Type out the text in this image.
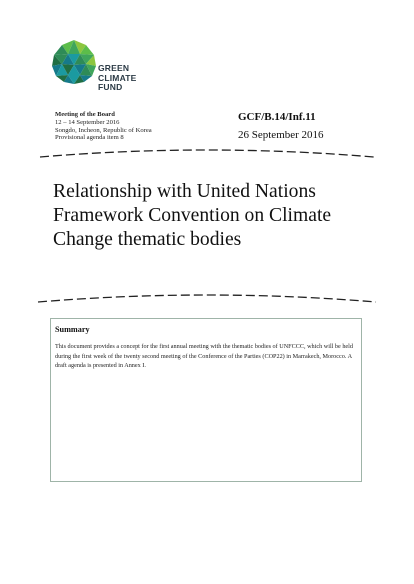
GREEN
CLIMATE
FUND
Meeting of the Board
12 – 14 September 2016
Songdo, Incheon, Republic of Korea
Provisional agenda item 8
GCF/B.14/Inf.11
26 September 2016
Relationship with United Nations Framework Convention on Climate Change thematic bodies

Summary

This document provides a concept for the first annual meeting with the thematic bodies of UNFCCC, which will be held during the first week of the twenty second meeting of the Conference of the Parties (COP22) in Marrakech, Morocco. A draft agenda is presented in Annex I.
